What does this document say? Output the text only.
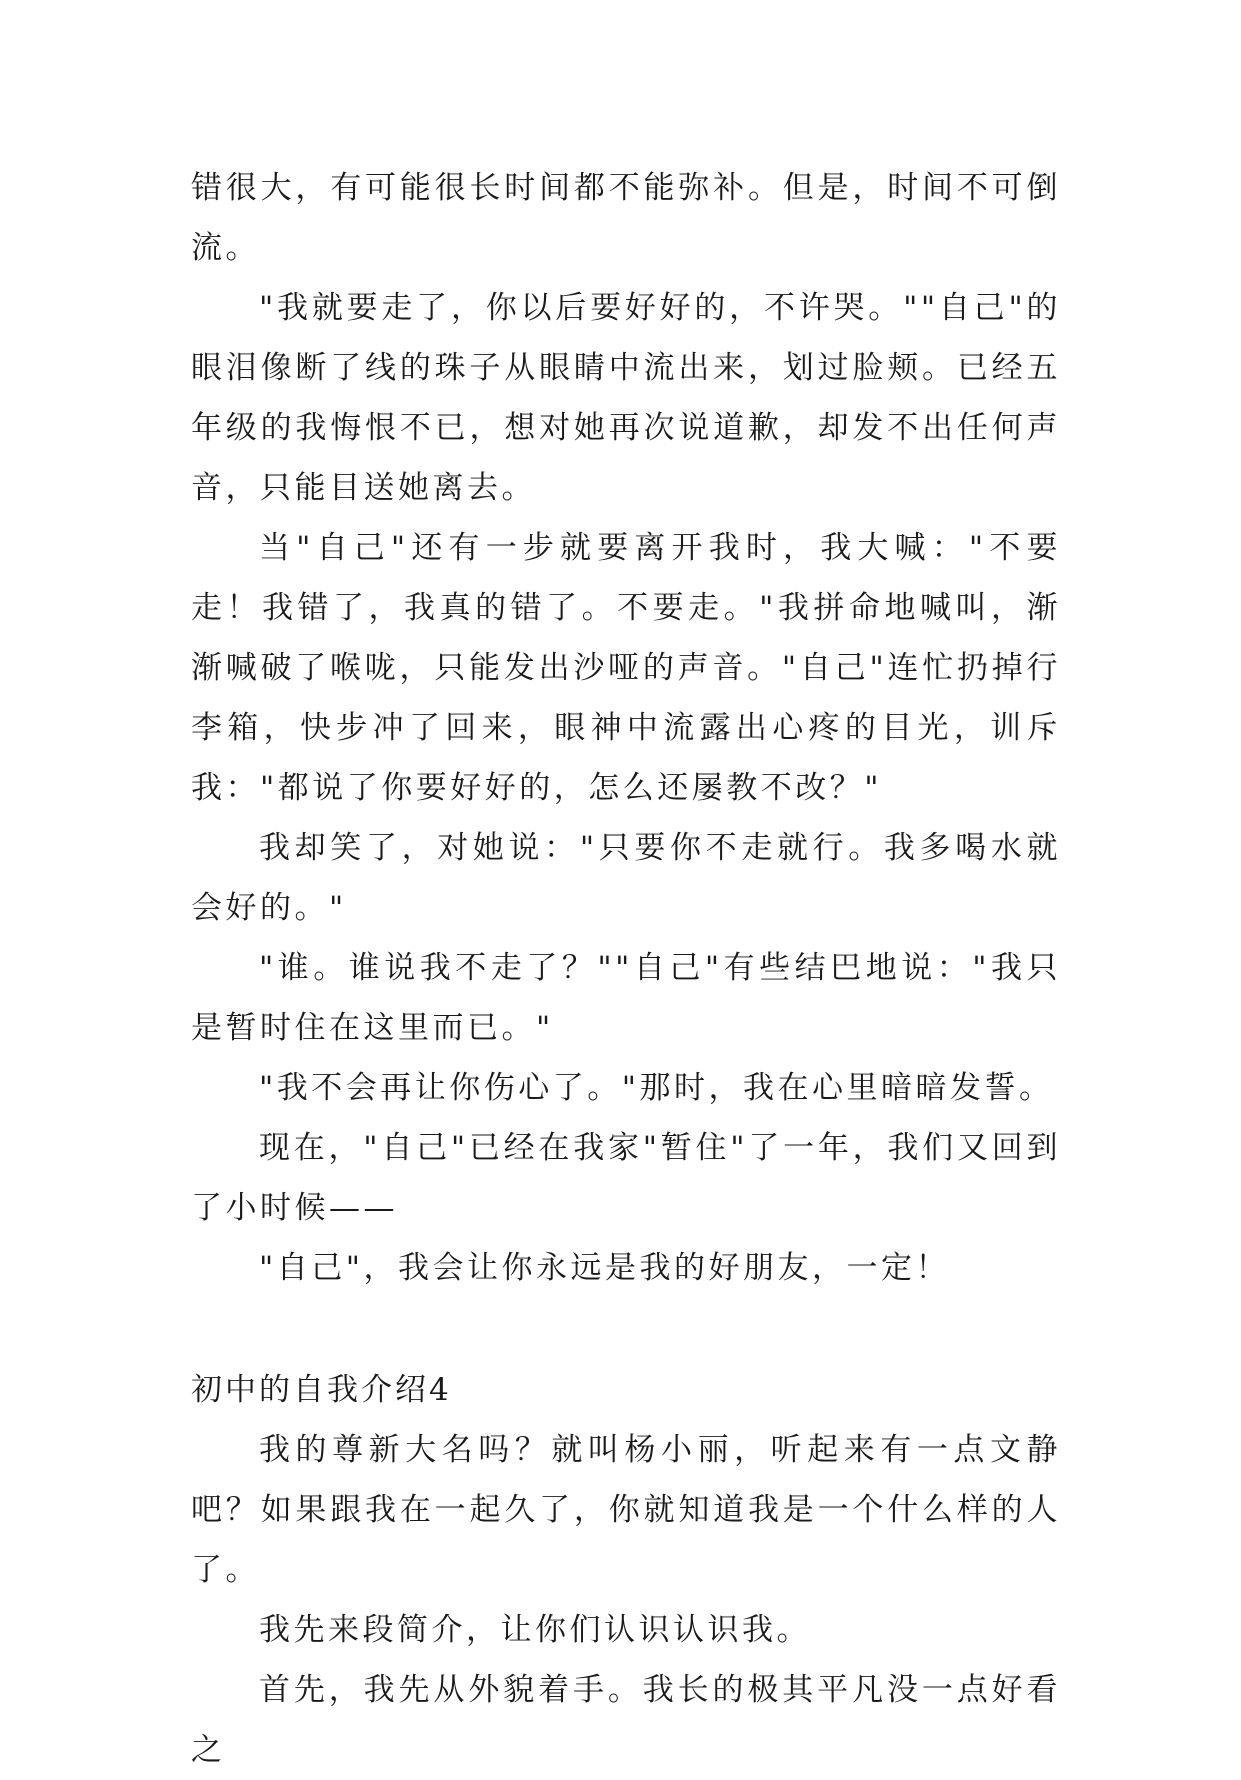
错很大，有可能很长时间都不能弥补。但是，时间不可倒流。

"我就要走了，你以后要好好的，不许哭。""自己"的眼泪像断了线的珠子从眼睛中流出来，划过脸颊。已经五年级的我悔恨不已，想对她再次说道歉，却发不出任何声音，只能目送她离去。

当"自己"还有一步就要离开我时，我大喊："不要走！我错了，我真的错了。不要走。"我拼命地喊叫，渐渐喊破了喉咙，只能发出沙哑的声音。"自己"连忙扔掉行李箱，快步冲了回来，眼神中流露出心疼的目光，训斥我："都说了你要好好的，怎么还屡教不改？"

我却笑了，对她说："只要你不走就行。我多喝水就会好的。"

"谁。谁说我不走了？""自己"有些结巴地说："我只是暂时住在这里而已。"

"我不会再让你伤心了。"那时，我在心里暗暗发誓。

现在，"自己"已经在我家"暂住"了一年，我们又回到了小时候——

"自己"，我会让你永远是我的好朋友，一定！

初中的自我介绍4

我的尊新大名吗？就叫杨小丽，听起来有一点文静吧？如果跟我在一起久了，你就知道我是一个什么样的人了。

我先来段简介，让你们认识认识我。

首先，我先从外貌着手。我长的极其平凡没一点好看之
